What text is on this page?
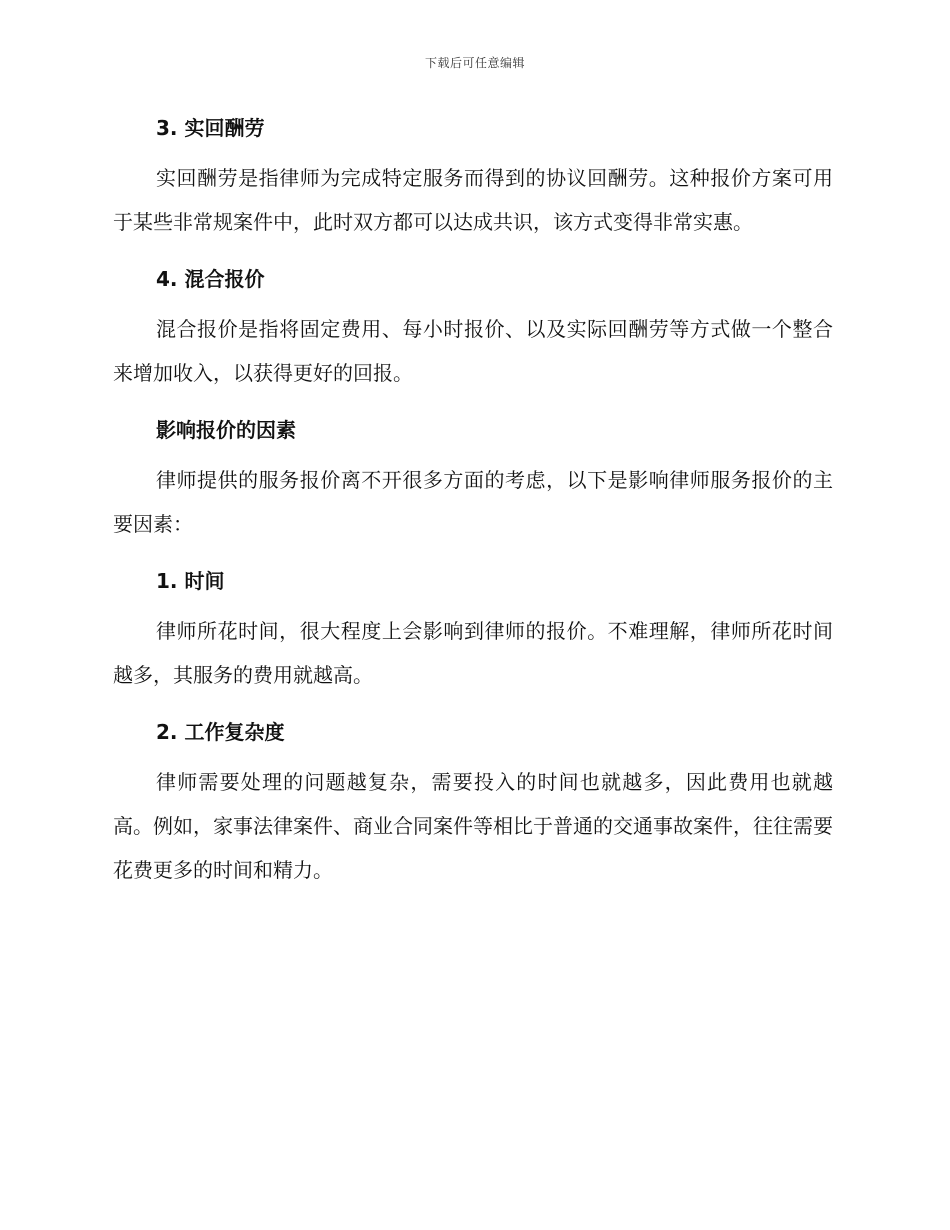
下载后可任意编辑
3. 实回酬劳

实回酬劳是指律师为完成特定服务而得到的协议回酬劳。这种报价方案可用于某些非常规案件中，此时双方都可以达成共识，该方式变得非常实惠。

4. 混合报价

混合报价是指将固定费用、每小时报价、以及实际回酬劳等方式做一个整合来增加收入，以获得更好的回报。

影响报价的因素

律师提供的服务报价离不开很多方面的考虑，以下是影响律师服务报价的主要因素：

1. 时间

律师所花时间，很大程度上会影响到律师的报价。不难理解，律师所花时间越多，其服务的费用就越高。

2. 工作复杂度

律师需要处理的问题越复杂，需要投入的时间也就越多，因此费用也就越高。例如，家事法律案件、商业合同案件等相比于普通的交通事故案件，往往需要花费更多的时间和精力。
